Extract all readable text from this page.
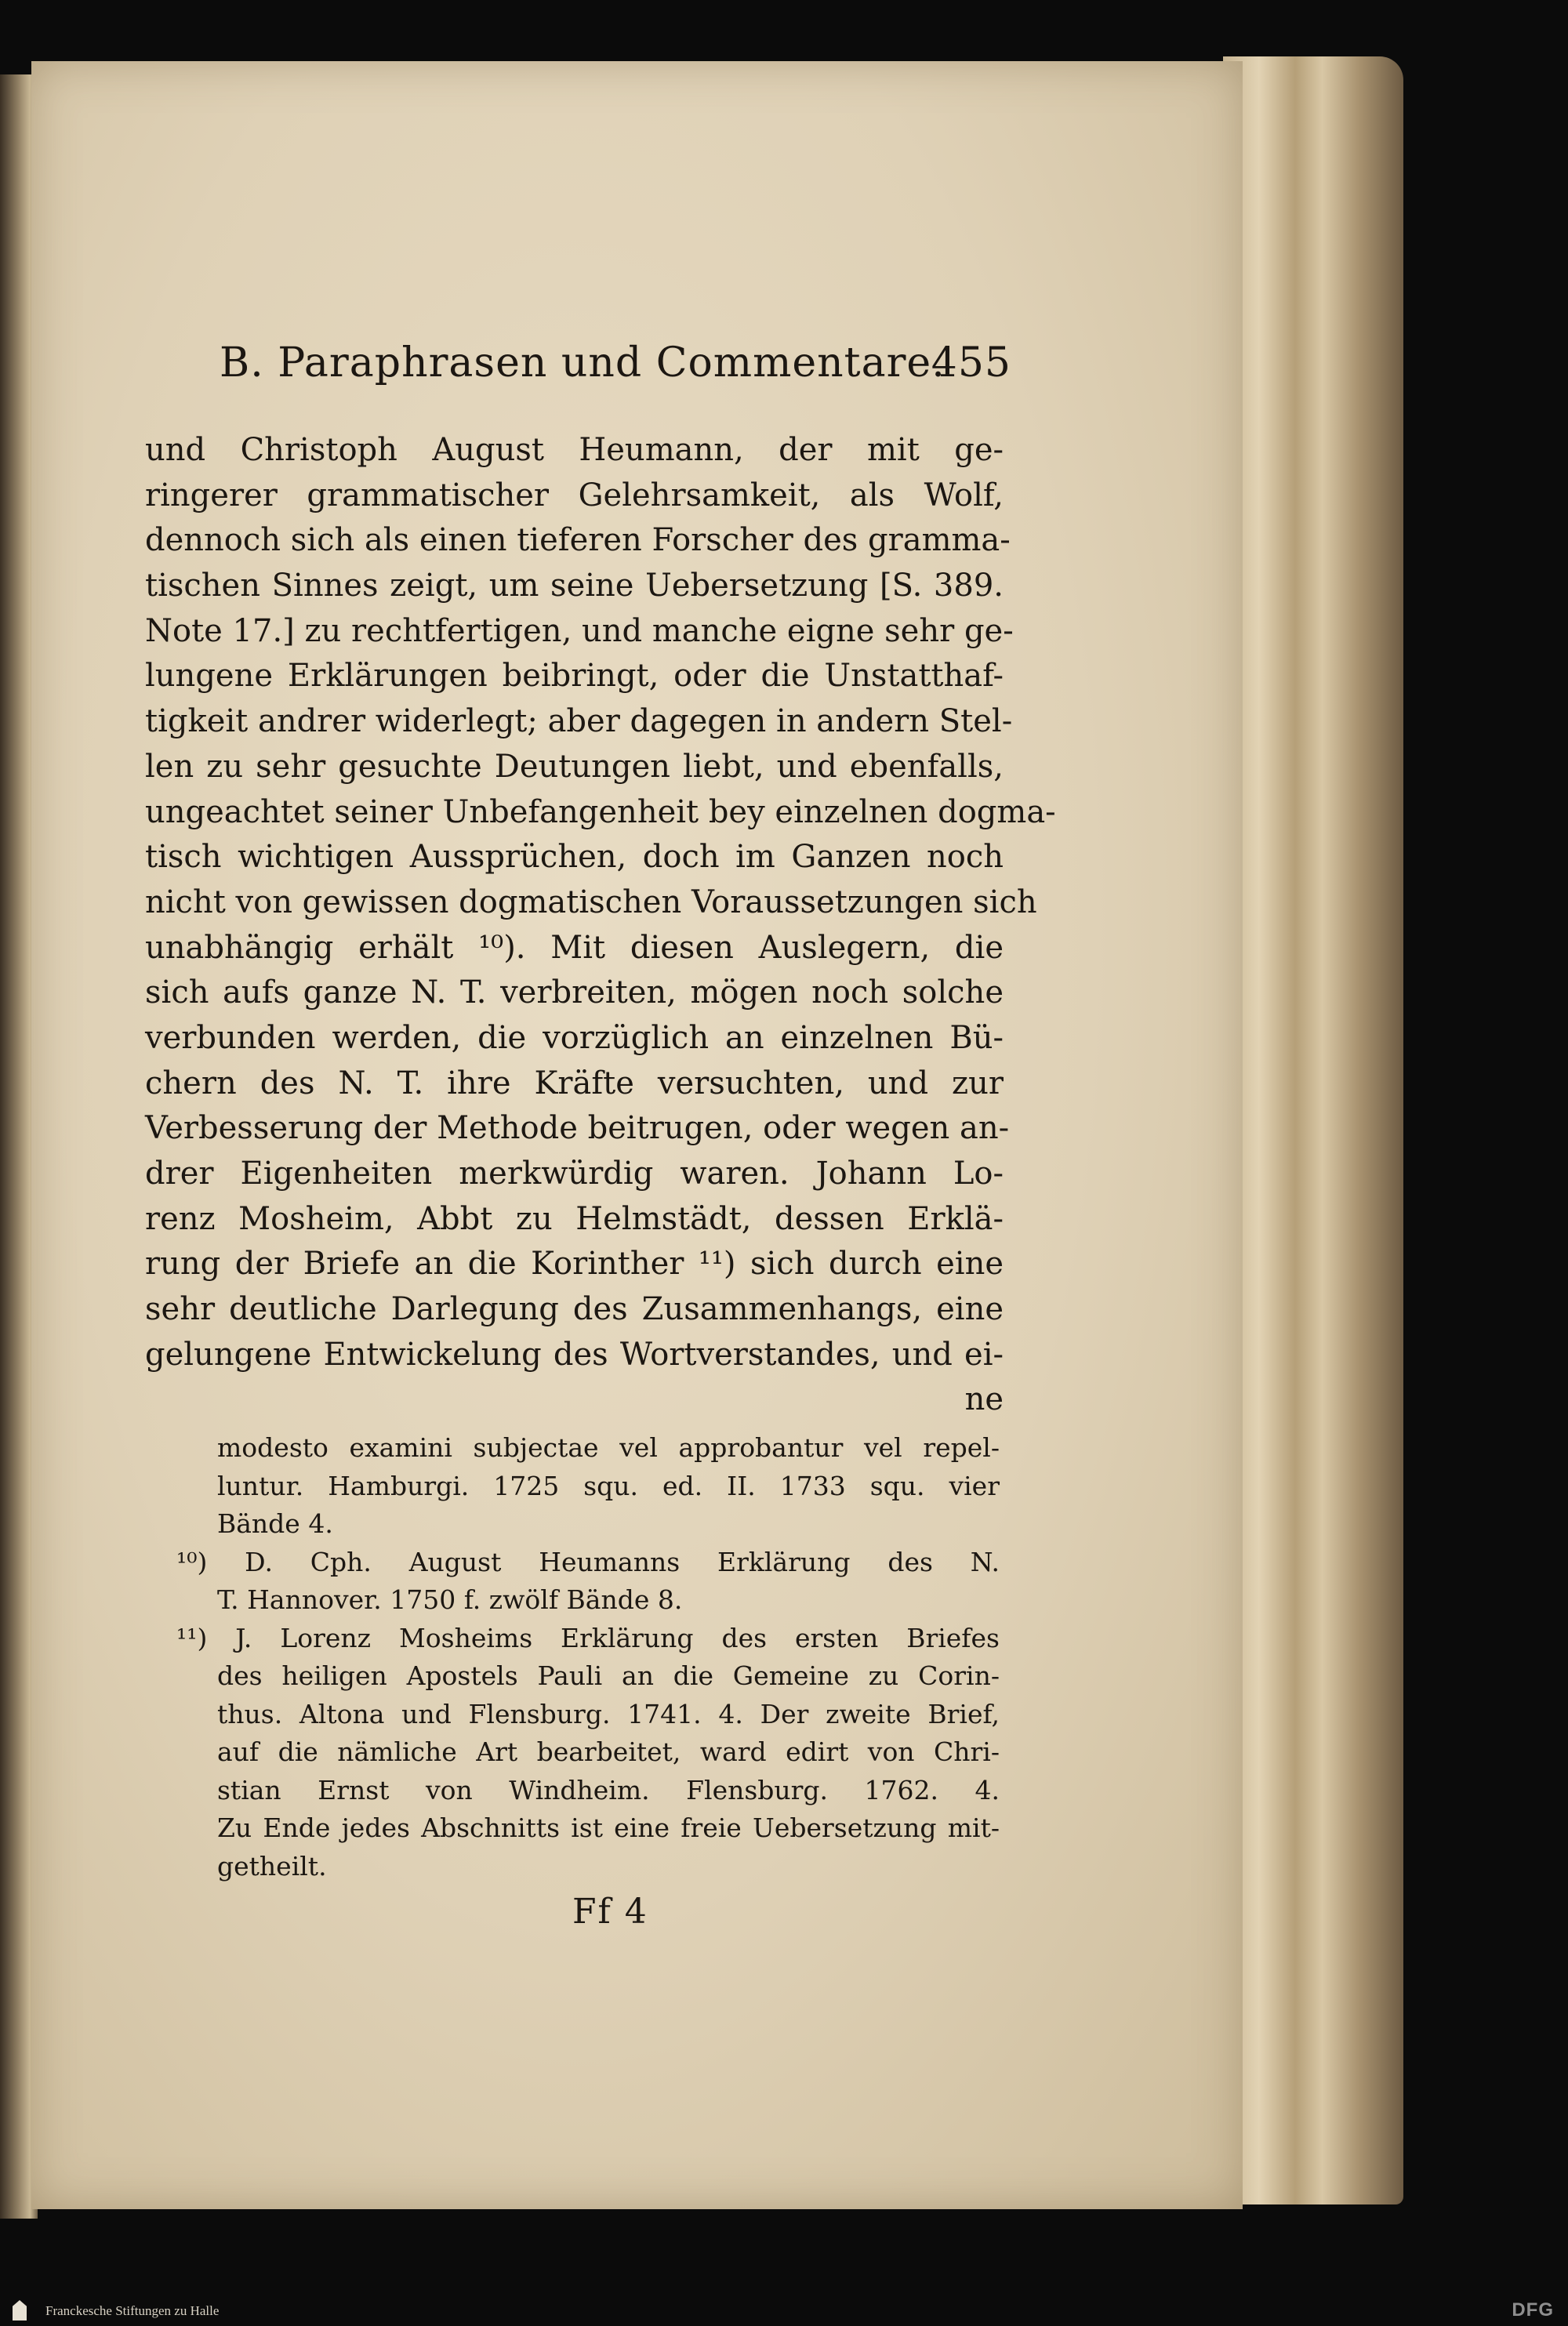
B. Paraphrasen und Commentare.
455
und Christoph August Heumann, der mit ge-
ringerer grammatischer Gelehrsamkeit, als Wolf,
dennoch sich als einen tieferen Forscher des gramma-
tischen Sinnes zeigt, um seine Uebersetzung [S. 389.
Note 17.] zu rechtfertigen, und manche eigne sehr ge-
lungene Erklärungen beibringt, oder die Unstatthaf-
tigkeit andrer widerlegt; aber dagegen in andern Stel-
len zu sehr gesuchte Deutungen liebt, und ebenfalls,
ungeachtet seiner Unbefangenheit bey einzelnen dogma-
tisch wichtigen Aussprüchen, doch im Ganzen noch
nicht von gewissen dogmatischen Voraussetzungen sich
unabhängig erhält ¹⁰). Mit diesen Auslegern, die
sich aufs ganze N. T. verbreiten, mögen noch solche
verbunden werden, die vorzüglich an einzelnen Bü-
chern des N. T. ihre Kräfte versuchten, und zur
Verbesserung der Methode beitrugen, oder wegen an-
drer Eigenheiten merkwürdig waren. Johann Lo-
renz Mosheim, Abbt zu Helmstädt, dessen Erklä-
rung der Briefe an die Korinther ¹¹) sich durch eine
sehr deutliche Darlegung des Zusammenhangs, eine
gelungene Entwickelung des Wortverstandes, und ei-
ne
modesto examini subjectae vel approbantur vel repel-
luntur. Hamburgi. 1725 squ. ed. II. 1733 squ. vier
Bände 4.
¹⁰) D. Cph. August Heumanns Erklärung des N.
T. Hannover. 1750 f. zwölf Bände 8.
¹¹) J. Lorenz Mosheims Erklärung des ersten Briefes
des heiligen Apostels Pauli an die Gemeine zu Corin-
thus. Altona und Flensburg. 1741. 4. Der zweite Brief,
auf die nämliche Art bearbeitet, ward edirt von Chri-
stian Ernst von Windheim. Flensburg. 1762. 4.
Zu Ende jedes Abschnitts ist eine freie Uebersetzung mit-
getheilt.
Ff 4
Franckesche Stiftungen zu Halle	DFG
